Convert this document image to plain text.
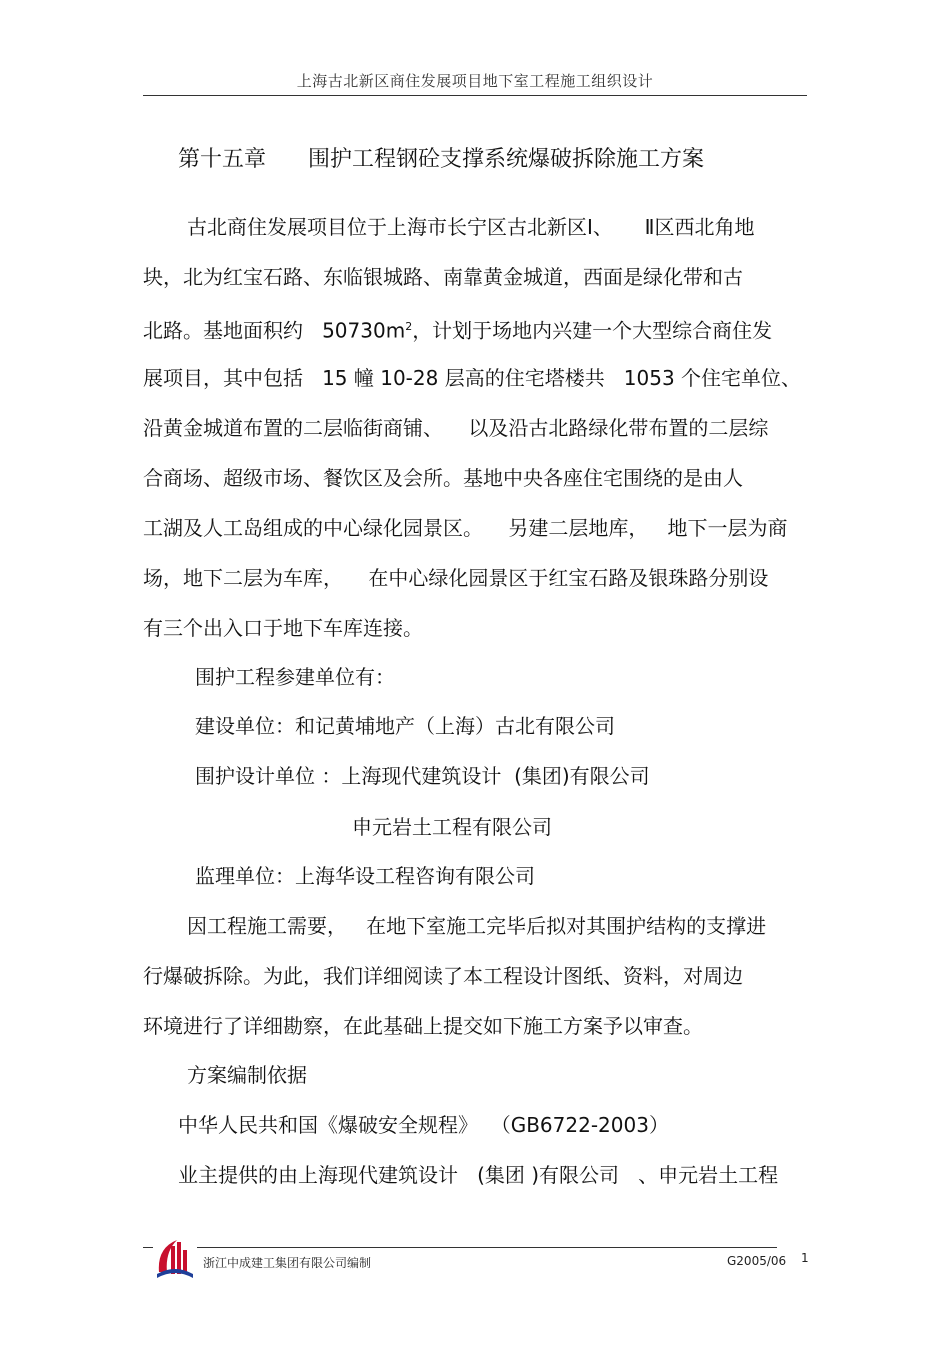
上海古北新区商住发展项目地下室工程施工组织设计
第十五章      围护工程钢砼支撑系统爆破拆除施工方案
古北商住发展项目位于上海市长宁区古北新区Ⅰ、     Ⅱ区西北角地
块，北为红宝石路、东临银城路、南靠黄金城道，西面是绿化带和古
北路。基地面积约   $50730m^2$，计划于场地内兴建一个大型综合商住发
展项目，其中包括   15 幢 10-28 层高的住宅塔楼共   1053 个住宅单位、
沿黄金城道布置的二层临街商铺、    以及沿古北路绿化带布置的二层综
合商场、超级市场、餐饮区及会所。基地中央各座住宅围绕的是由人
工湖及人工岛组成的中心绿化园景区。    另建二层地库，   地下一层为商
场，地下二层为车库，    在中心绿化园景区于红宝石路及银珠路分别设
有三个出入口于地下车库连接。
围护工程参建单位有：
建设单位：和记黄埔地产（上海）古北有限公司
围护设计单位 ：上海现代建筑设计  (集团)有限公司
申元岩土工程有限公司
监理单位：上海华设工程咨询有限公司
因工程施工需要，   在地下室施工完毕后拟对其围护结构的支撑进
行爆破拆除。为此，我们详细阅读了本工程设计图纸、资料，对周边
环境进行了详细勘察，在此基础上提交如下施工方案予以审查。
方案编制依据
中华人民共和国《爆破安全规程》  （GB6722-2003）
业主提供的由上海现代建筑设计   (集团 )有限公司   、申元岩土工程
浙江中成建工集团有限公司编制	G2005/06 1
